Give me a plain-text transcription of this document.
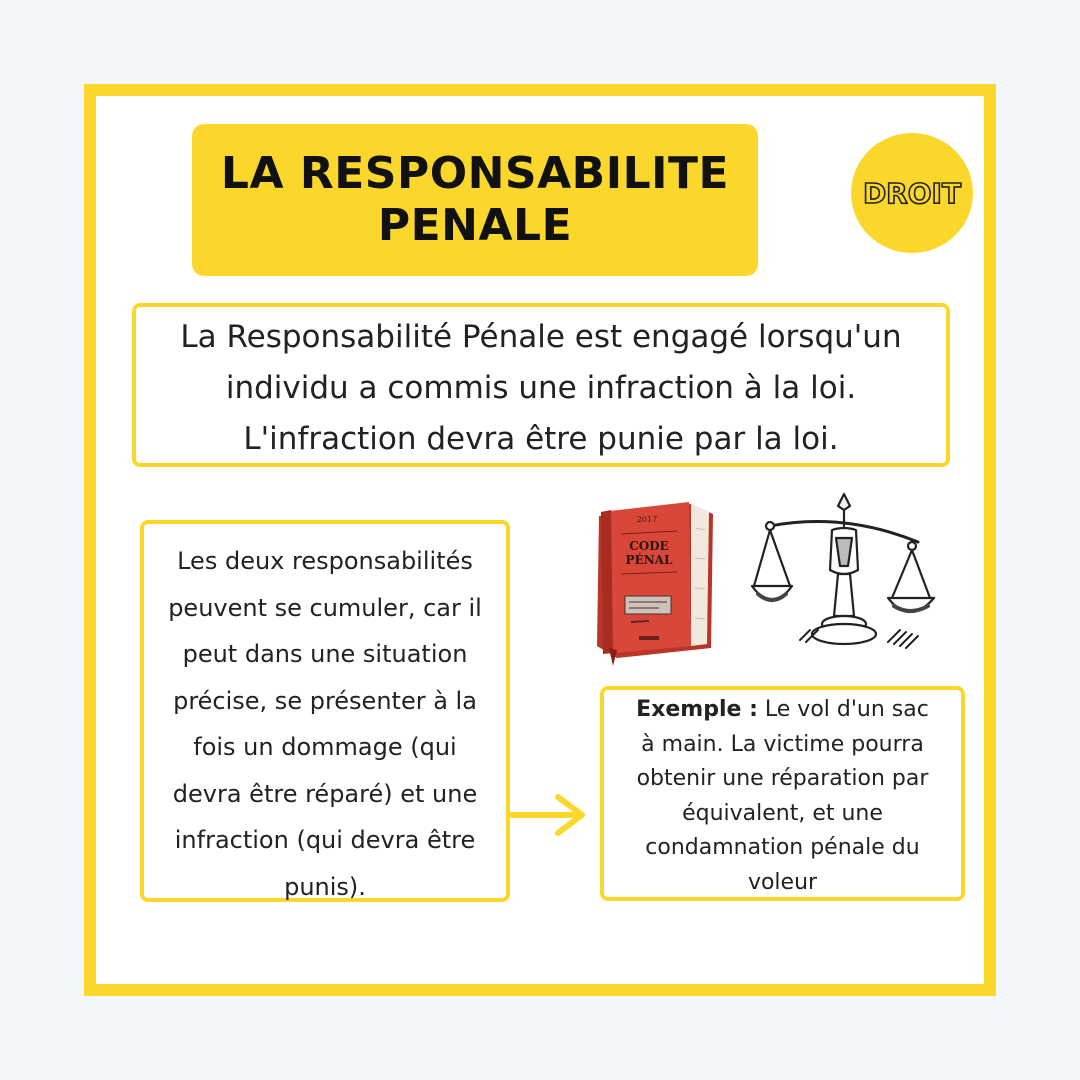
LA RESPONSABILITE
PENALE
DROIT
La Responsabilité Pénale est engagé lorsqu'un
individu a commis une infraction à la loi.
L'infraction devra être punie par la loi.
Les deux responsabilités
peuvent se cumuler, car il
peut dans une situation
précise, se présenter à la
fois un dommage (qui
devra être réparé) et une
infraction (qui devra être
punis).
2017
CODE
PÉNAL
Exemple : Le vol d'un sac
à main. La victime pourra
obtenir une réparation par
équivalent, et une
condamnation pénale du
voleur
